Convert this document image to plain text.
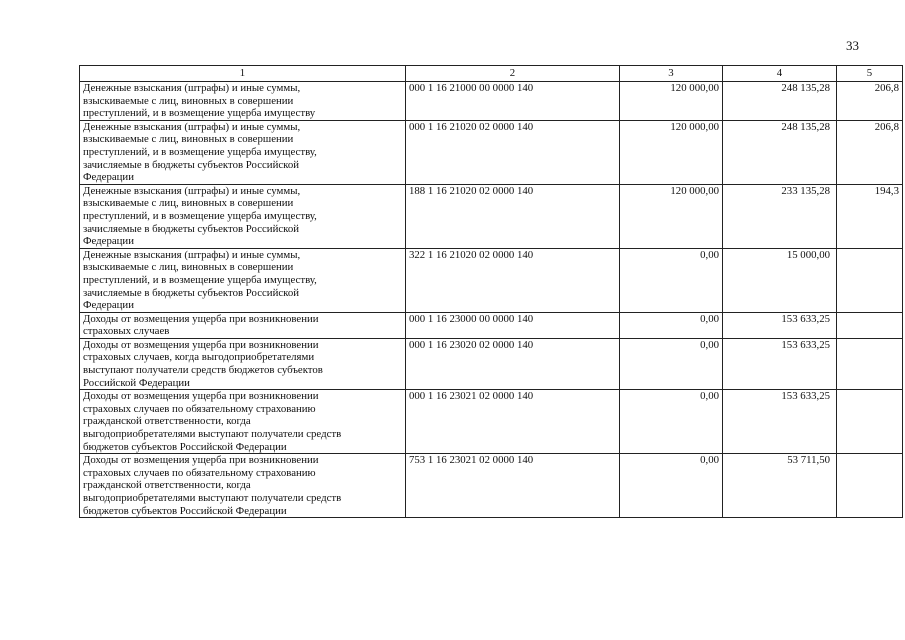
33
1	2	3	4	5

Денежные взыскания (штрафы) и иные суммы,
взыскиваемые с лиц, виновных в совершении
преступлений, и в возмещение ущерба имуществу	000 1 16 21000 00 0000 140	120 000,00	248 135,28	206,8

Денежные взыскания (штрафы) и иные суммы,
взыскиваемые с лиц, виновных в совершении
преступлений, и в возмещение ущерба имуществу,
зачисляемые в бюджеты субъектов Российской
Федерации	000 1 16 21020 02 0000 140	120 000,00	248 135,28	206,8

Денежные взыскания (штрафы) и иные суммы,
взыскиваемые с лиц, виновных в совершении
преступлений, и в возмещение ущерба имуществу,
зачисляемые в бюджеты субъектов Российской
Федерации	188 1 16 21020 02 0000 140	120 000,00	233 135,28	194,3

Денежные взыскания (штрафы) и иные суммы,
взыскиваемые с лиц, виновных в совершении
преступлений, и в возмещение ущерба имуществу,
зачисляемые в бюджеты субъектов Российской
Федерации	322 1 16 21020 02 0000 140	0,00	15 000,00	

Доходы от возмещения ущерба при возникновении
страховых случаев	000 1 16 23000 00 0000 140	0,00	153 633,25	

Доходы от возмещения ущерба при возникновении
страховых случаев, когда выгодоприобретателями
выступают получатели средств бюджетов субъектов
Российской Федерации	000 1 16 23020 02 0000 140	0,00	153 633,25	

Доходы от возмещения ущерба при возникновении
страховых случаев по обязательному страхованию
гражданской ответственности, когда
выгодоприобретателями выступают получатели средств
бюджетов субъектов Российской Федерации	000 1 16 23021 02 0000 140	0,00	153 633,25	

Доходы от возмещения ущерба при возникновении
страховых случаев по обязательному страхованию
гражданской ответственности, когда
выгодоприобретателями выступают получатели средств
бюджетов субъектов Российской Федерации	753 1 16 23021 02 0000 140	0,00	53 711,50	
